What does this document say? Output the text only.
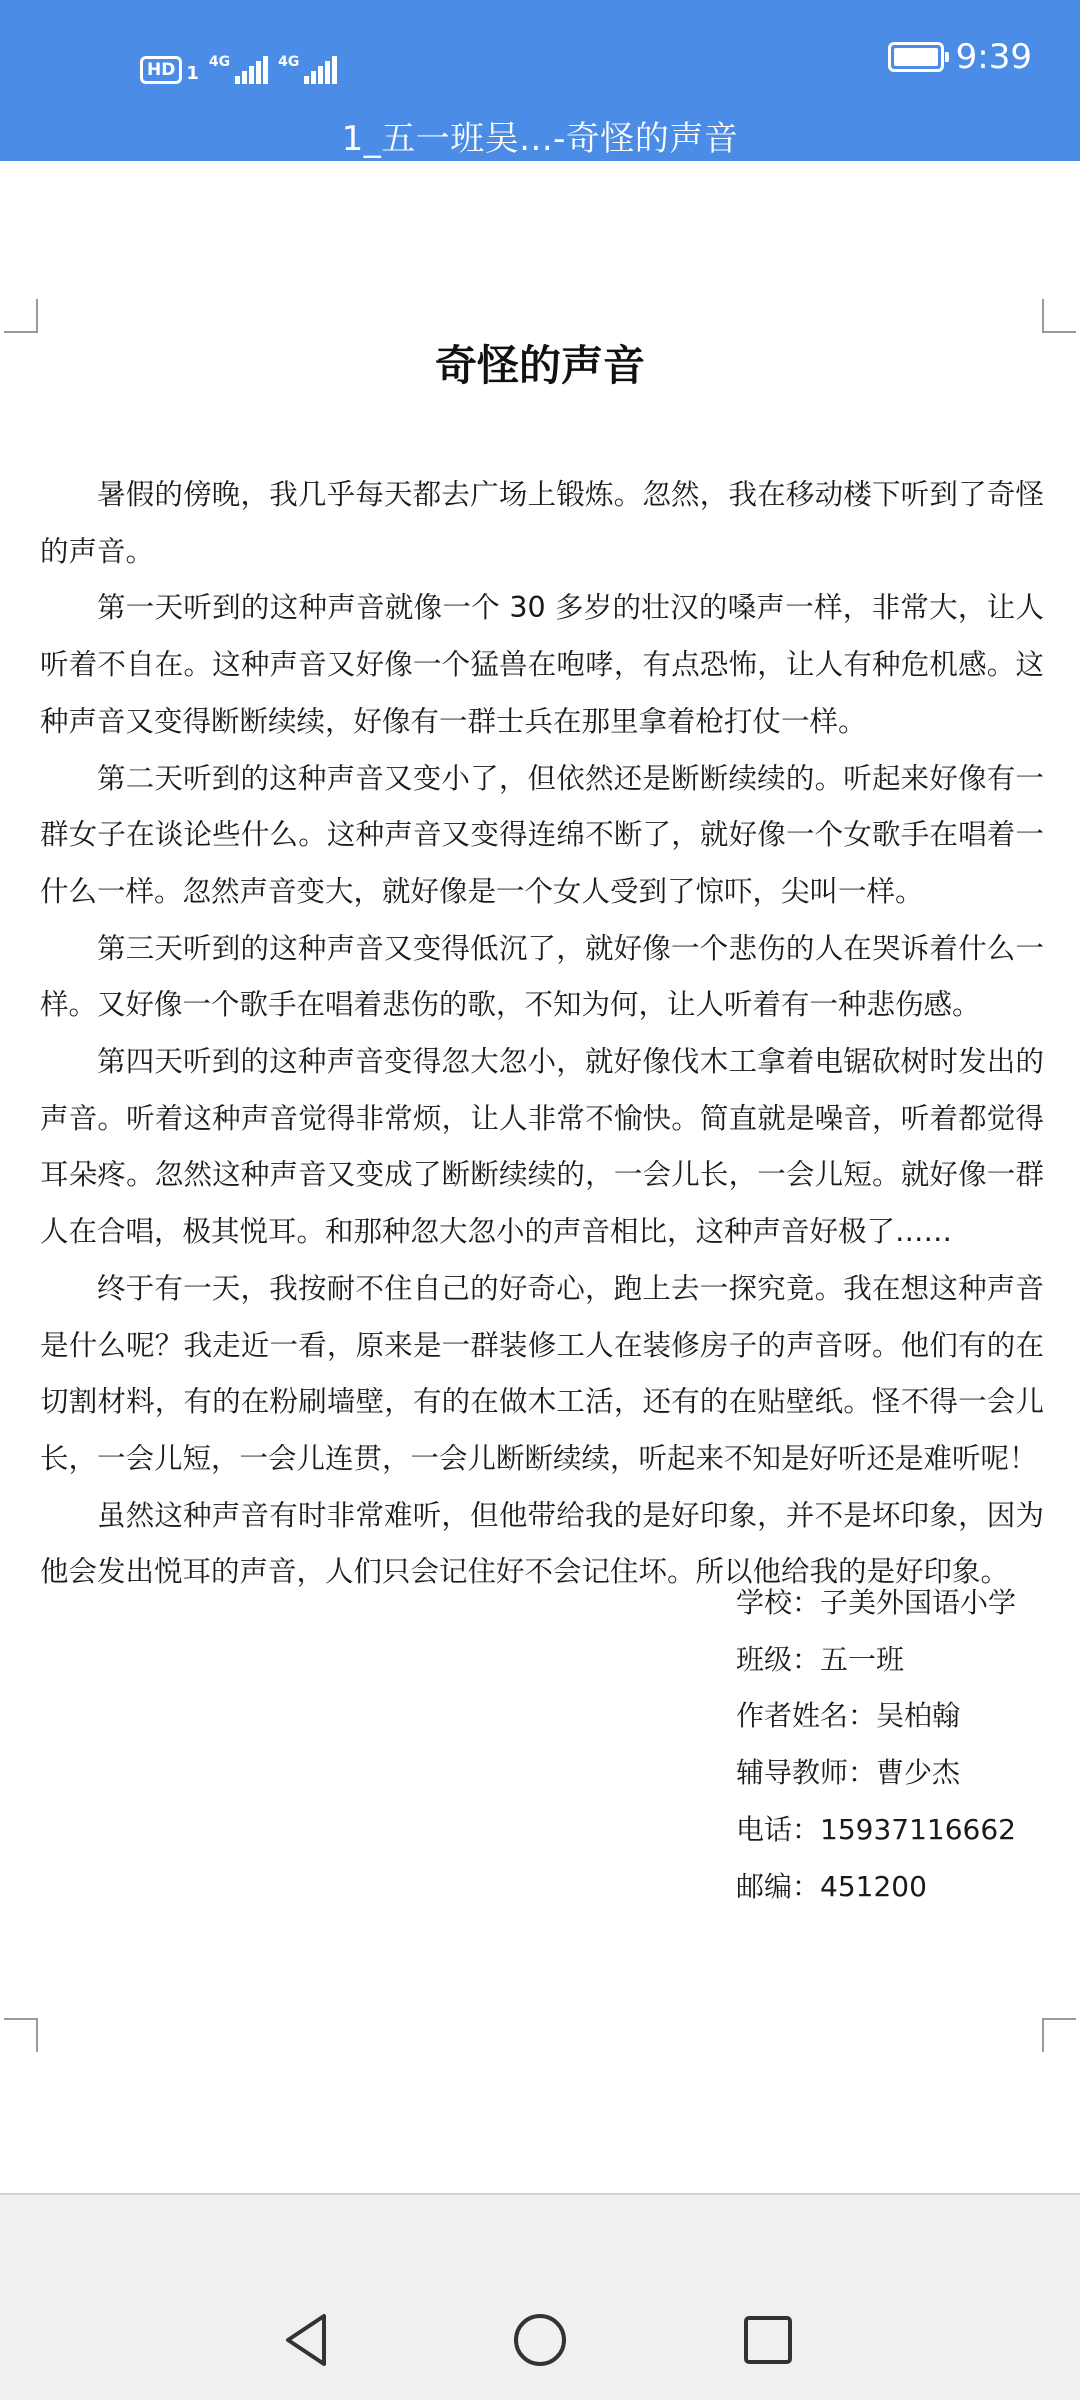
HD 1
4G	4G	9:39
1_五一班吴...-奇怪的声音
奇怪的声音

暑假的傍晚，我几乎每天都去广场上锻炼。忽然，我在移动楼下听到了奇怪的声音。

第一天听到的这种声音就像一个 30 多岁的壮汉的嗓声一样，非常大，让人听着不自在。这种声音又好像一个猛兽在咆哮，有点恐怖，让人有种危机感。这种声音又变得断断续续，好像有一群士兵在那里拿着枪打仗一样。

第二天听到的这种声音又变小了，但依然还是断断续续的。听起来好像有一群女子在谈论些什么。这种声音又变得连绵不断了，就好像一个女歌手在唱着一什么一样。忽然声音变大，就好像是一个女人受到了惊吓，尖叫一样。

第三天听到的这种声音又变得低沉了，就好像一个悲伤的人在哭诉着什么一样。又好像一个歌手在唱着悲伤的歌，不知为何，让人听着有一种悲伤感。

第四天听到的这种声音变得忽大忽小，就好像伐木工拿着电锯砍树时发出的声音。听着这种声音觉得非常烦，让人非常不愉快。简直就是噪音，听着都觉得耳朵疼。忽然这种声音又变成了断断续续的，一会儿长，一会儿短。就好像一群人在合唱，极其悦耳。和那种忽大忽小的声音相比，这种声音好极了……

终于有一天，我按耐不住自己的好奇心，跑上去一探究竟。我在想这种声音是什么呢？我走近一看，原来是一群装修工人在装修房子的声音呀。他们有的在切割材料，有的在粉刷墙壁，有的在做木工活，还有的在贴壁纸。怪不得一会儿长，一会儿短，一会儿连贯，一会儿断断续续，听起来不知是好听还是难听呢！

虽然这种声音有时非常难听，但他带给我的是好印象，并不是坏印象，因为他会发出悦耳的声音，人们只会记住好不会记住坏。所以他给我的是好印象。

学校：子美外国语小学
班级：五一班
作者姓名：吴柏翰
辅导教师：曹少杰
电话：15937116662
邮编：451200
